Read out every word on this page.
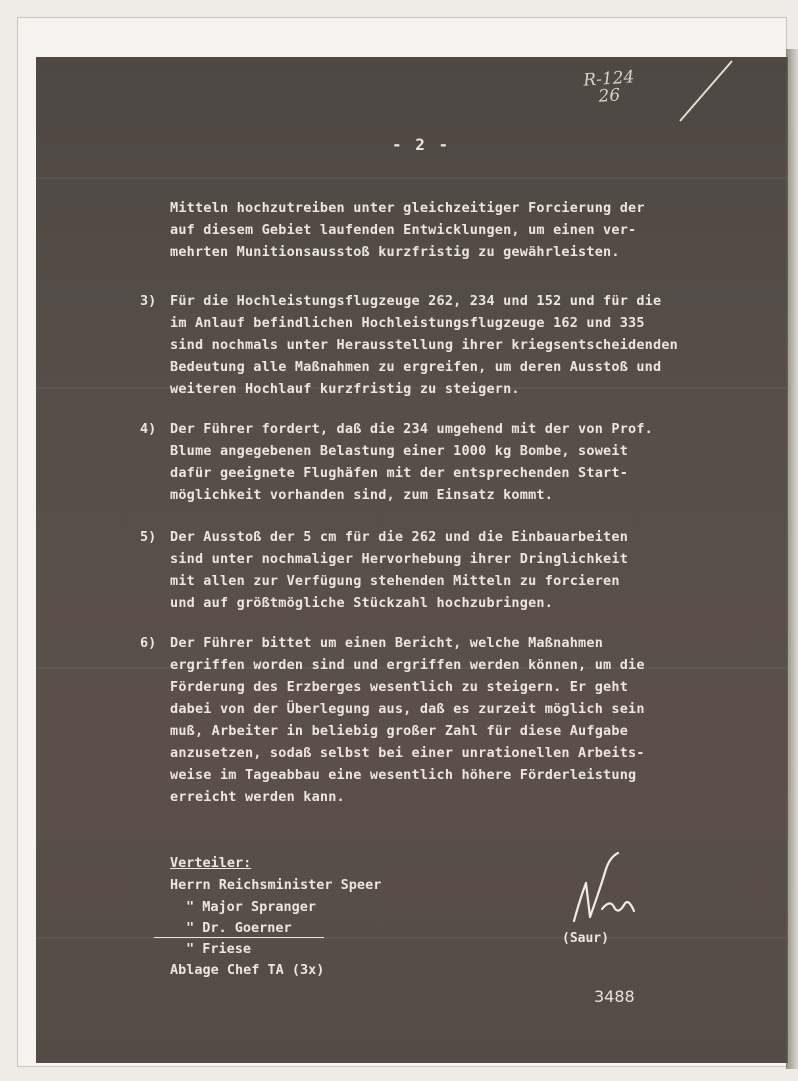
R-124
26
- 2 -
Mitteln hochzutreiben unter gleichzeitiger Forcierung der
auf diesem Gebiet laufenden Entwicklungen, um einen ver-
mehrten Munitionsausstoß kurzfristig zu gewährleisten.
3) Für die Hochleistungsflugzeuge 262, 234 und 152 und für die
im Anlauf befindlichen Hochleistungsflugzeuge 162 und 335
sind nochmals unter Herausstellung ihrer kriegsentscheidenden
Bedeutung alle Maßnahmen zu ergreifen, um deren Ausstoß und
weiteren Hochlauf kurzfristig zu steigern.
4) Der Führer fordert, daß die 234 umgehend mit der von Prof.
Blume angegebenen Belastung einer 1000 kg Bombe, soweit
dafür geeignete Flughäfen mit der entsprechenden Start-
möglichkeit vorhanden sind, zum Einsatz kommt.
5) Der Ausstoß der 5 cm für die 262 und die Einbauarbeiten
sind unter nochmaliger Hervorhebung ihrer Dringlichkeit
mit allen zur Verfügung stehenden Mitteln zu forcieren
und auf größtmögliche Stückzahl hochzubringen.
6) Der Führer bittet um einen Bericht, welche Maßnahmen
ergriffen worden sind und ergriffen werden können, um die
Förderung des Erzberges wesentlich zu steigern. Er geht
dabei von der Überlegung aus, daß es zurzeit möglich sein
muß, Arbeiter in beliebig großer Zahl für diese Aufgabe
anzusetzen, sodaß selbst bei einer unrationellen Arbeits-
weise im Tageabbau eine wesentlich höhere Förderleistung
erreicht werden kann.
Verteiler:
Herrn Reichsminister Speer
" Major Spranger
" Dr. Goerner
" Friese
Ablage Chef TA (3x)
(Saur)
3488
